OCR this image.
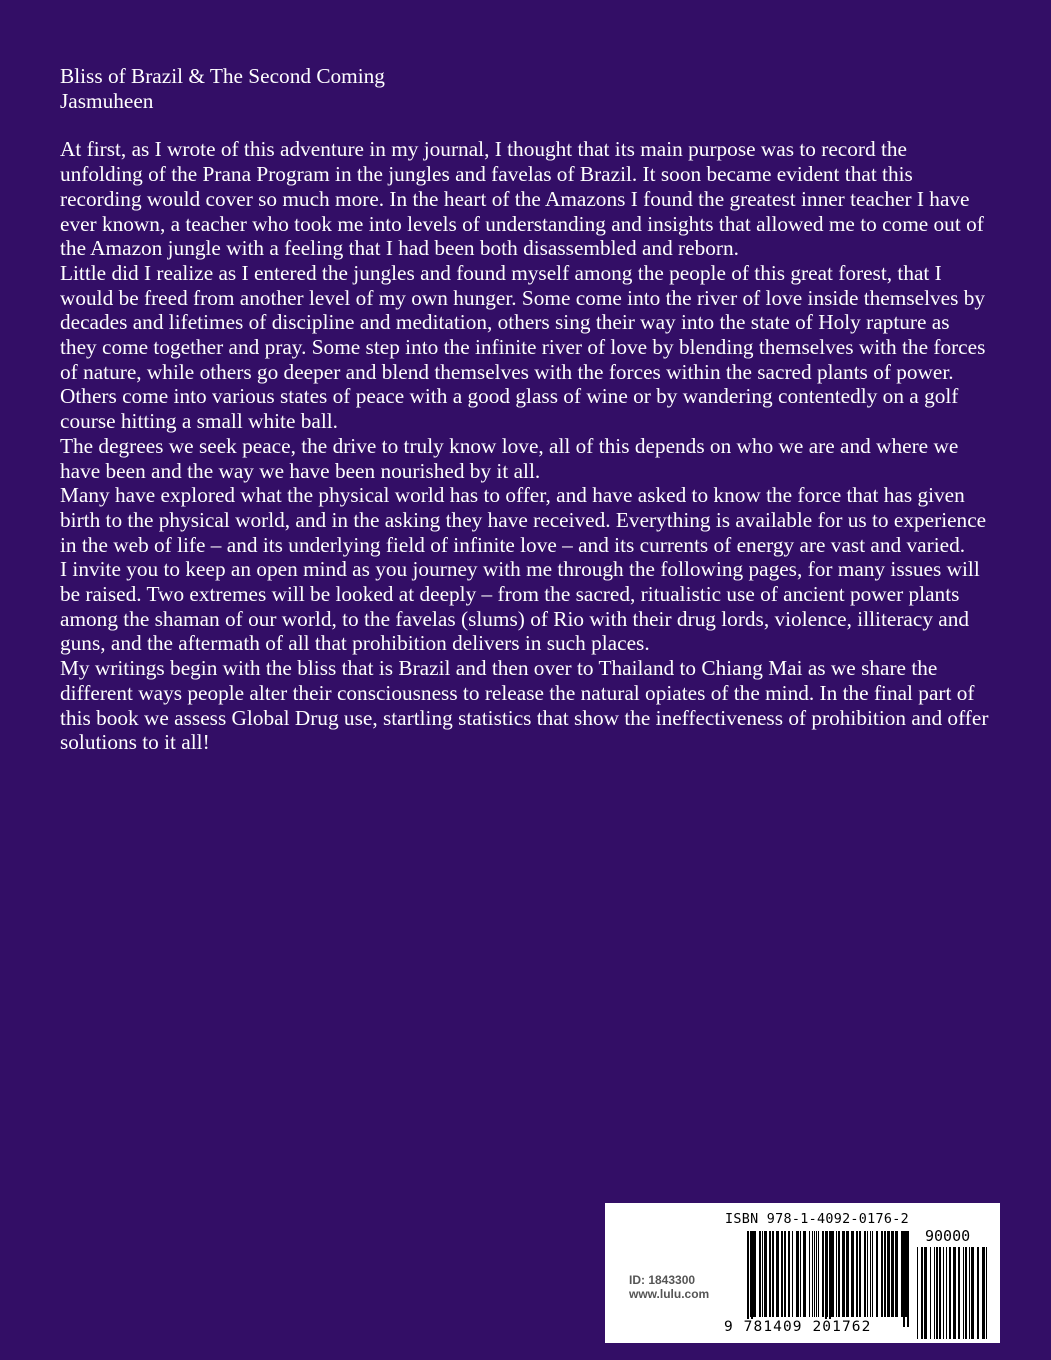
Bliss of Brazil & The Second Coming

Jasmuheen

At first, as I wrote of this adventure in my journal, I thought that its main purpose was to record the unfolding of the Prana Program in the jungles and favelas of Brazil. It soon became evident that this recording would cover so much more. In the heart of the Amazons I found the greatest inner teacher I have ever known, a teacher who took me into levels of understanding and insights that allowed me to come out of the Amazon jungle with a feeling that I had been both disassembled and reborn.

Little did I realize as I entered the jungles and found myself among the people of this great forest, that I would be freed from another level of my own hunger. Some come into the river of love inside themselves by decades and lifetimes of discipline and meditation, others sing their way into the state of Holy rapture as they come together and pray. Some step into the infinite river of love by blending themselves with the forces of nature, while others go deeper and blend themselves with the forces within the sacred plants of power. Others come into various states of peace with a good glass of wine or by wandering contentedly on a golf course hitting a small white ball.

The degrees we seek peace, the drive to truly know love, all of this depends on who we are and where we have been and the way we have been nourished by it all.

Many have explored what the physical world has to offer, and have asked to know the force that has given birth to the physical world, and in the asking they have received. Everything is available for us to experience in the web of life – and its underlying field of infinite love – and its currents of energy are vast and varied.

I invite you to keep an open mind as you journey with me through the following pages, for many issues will be raised. Two extremes will be looked at deeply – from the sacred, ritualistic use of ancient power plants among the shaman of our world, to the favelas (slums) of Rio with their drug lords, violence, illiteracy and guns, and the aftermath of all that prohibition delivers in such places.

My writings begin with the bliss that is Brazil and then over to Thailand to Chiang Mai as we share the different ways people alter their consciousness to release the natural opiates of the mind. In the final part of this book we assess Global Drug use, startling statistics that show the ineffectiveness of prohibition and offer solutions to it all!

ISBN 978-1-4092-0176-2
90000
9 781409 201762
ID: 1843300
www.lulu.com
